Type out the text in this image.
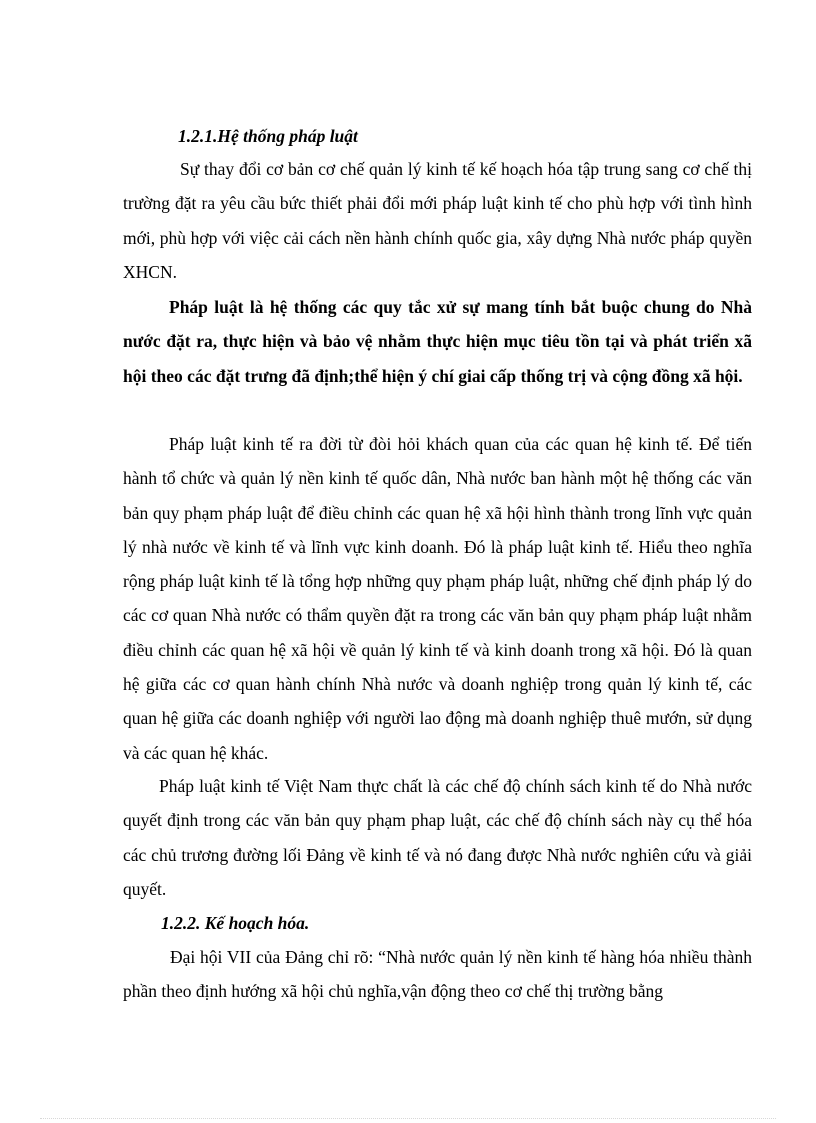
1.2.1.Hệ thống pháp luật

Sự thay đổi cơ bản cơ chế quản lý kinh tế kế hoạch hóa tập trung sang cơ chế thị trường đặt ra yêu cầu bức thiết phải đổi mới pháp luật kinh tế cho phù hợp với tình hình mới, phù hợp với việc cải cách nền hành chính quốc gia, xây dựng Nhà nước pháp quyền XHCN.

Pháp luật là hệ thống các quy tắc xử sự mang tính bắt buộc chung do Nhà nước đặt ra, thực hiện và bảo vệ nhằm thực hiện mục tiêu tồn tại và phát triển xã hội theo các đặt trưng đã định;thể hiện ý chí giai cấp thống trị và cộng đồng xã hội.

Pháp luật kinh tế ra đời từ đòi hỏi khách quan của các quan hệ kinh tế. Để tiến hành tổ chức và quản lý nền kinh tế quốc dân, Nhà nước ban hành một hệ thống các văn bản quy phạm pháp luật để điều chỉnh các quan hệ xã hội hình thành trong lĩnh vực quản lý nhà nước về kinh tế và lĩnh vực kinh doanh. Đó là pháp luật kinh tế. Hiểu theo nghĩa rộng pháp luật kinh tế là tổng hợp những quy phạm pháp luật, những chế định pháp lý do các cơ quan Nhà nước có thẩm quyền đặt ra trong các văn bản quy phạm pháp luật nhằm điều chỉnh các quan hệ xã hội về quản lý kinh tế và kinh doanh trong xã hội. Đó là quan hệ giữa các cơ quan hành chính Nhà nước và doanh nghiệp trong quản lý kinh tế, các quan hệ giữa các doanh nghiệp với người lao động mà doanh nghiệp thuê mướn, sử dụng và các quan hệ khác.

Pháp luật kinh tế Việt Nam thực chất là các chế độ chính sách kinh tế do Nhà nước quyết định trong các văn bản quy phạm phap luật, các chế độ chính sách này cụ thể hóa các chủ trương đường lối Đảng về kinh tế và nó đang được Nhà nước nghiên cứu và giải quyết.

1.2.2. Kế hoạch hóa.

Đại hội VII của Đảng chỉ rõ: “Nhà nước quản lý nền kinh tế hàng hóa nhiều thành phần theo định hướng xã hội chủ nghĩa,vận động theo cơ chế thị trường bằng
